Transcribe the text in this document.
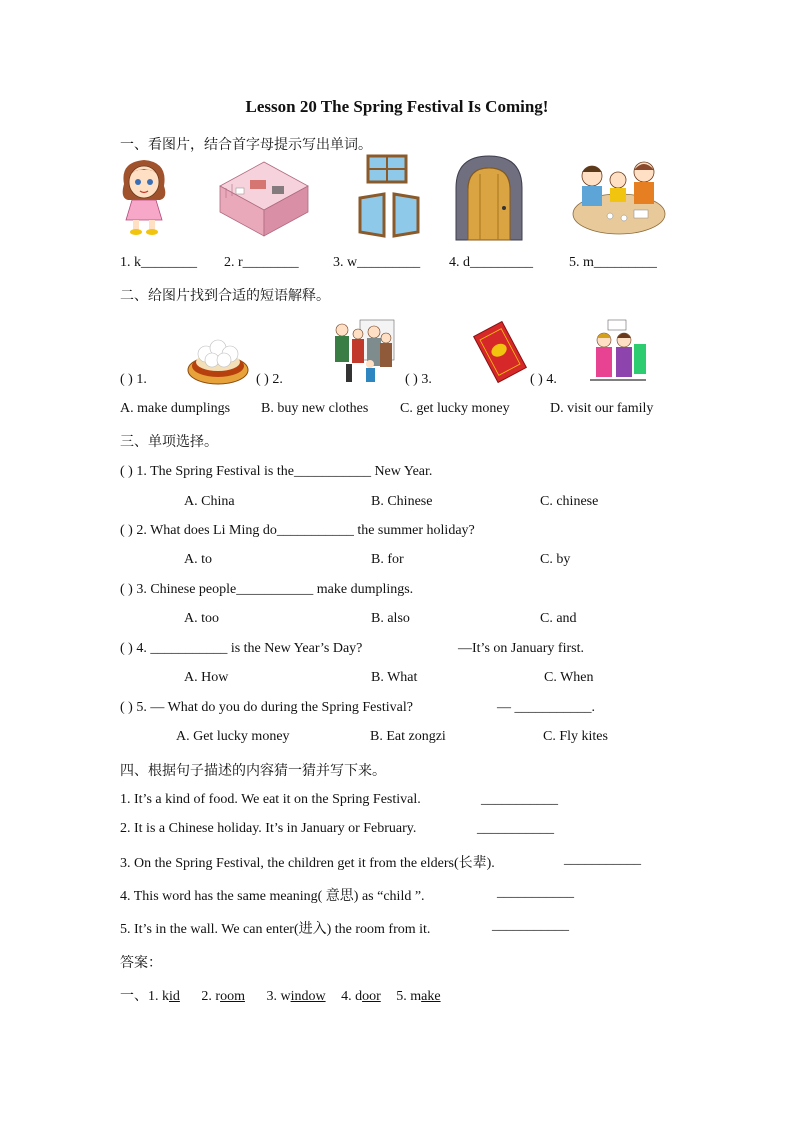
Lesson 20 The Spring Festival Is Coming!
一、看图片，结合首字母提示写出单词。
1. k________ 2. r________ 3. w_________ 4. d_________	5. m_________
二、给图片找到合适的短语解释。
( ) 1.	( ) 2.	( ) 3.	( ) 4.
A. make dumplings B. buy new clothes C. get lucky money	D. visit our family
三、单项选择。
( ) 1. The Spring Festival is the___________ New Year.
A. China	B. Chinese	C. chinese
( ) 2. What does Li Ming do___________ the summer holiday?
A. to	B. for	C. by
( ) 3. Chinese people___________ make dumplings.
A. too	B. also	C. and
( ) 4. ___________ is the New Year’s Day?	—It’s on January first.
A. How	B. What	C. When
( ) 5. — What do you do during the Spring Festival?	— ___________.
A. Get lucky money	B. Eat zongzi	C. Fly kites
四、根据句子描述的内容猜一猜并写下来。
1. It’s a kind of food. We eat it on the Spring Festival.	___________
2. It is a Chinese holiday. It’s in January or February.	___________
3. On the Spring Festival, the children get it from the elders(长辈).	___________
4. This word has the same meaning( 意思) as “child ”.	___________
5. It’s in the wall. We can enter(进入) the room from it.	___________
答案：
一、1. kid 2. room 3. window 4. door 5. make
